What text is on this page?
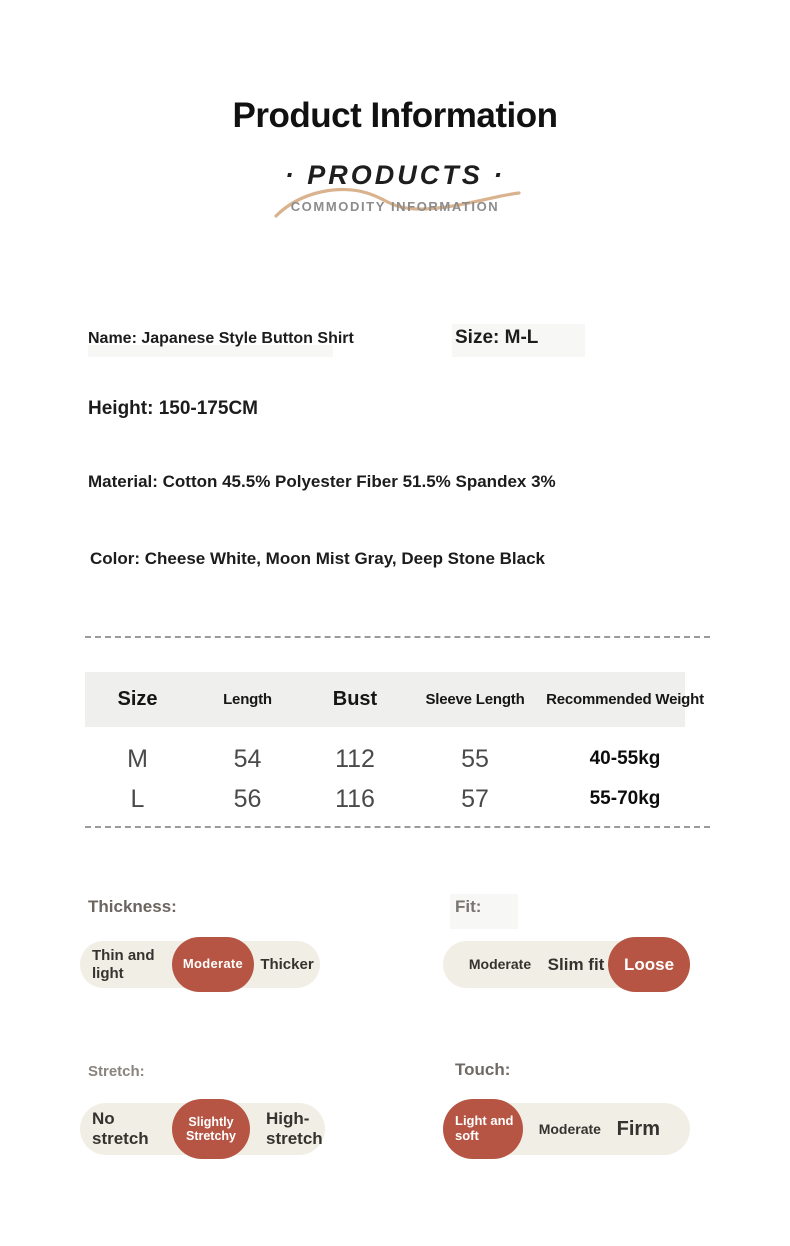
Product Information
· PRODUCTS ·
COMMODITY INFORMATION
Name: Japanese Style Button Shirt	Size: M-L
Height: 150-175CM
Material: Cotton 45.5% Polyester Fiber 51.5% Spandex 3%
Color: Cheese White, Moon Mist Gray, Deep Stone Black
Size	Length	Bust	Sleeve Length	Recommended Weight
M	54	112	55	40-55kg
L	56	116	57	55-70kg
Thickness:
Thin and light
Moderate	Thicker
Fit:
Moderate Slim fit	Loose
Stretch:
No stretch
Slightly Stretchy
High-stretch
Touch:
Light and soft	Moderate Firm
